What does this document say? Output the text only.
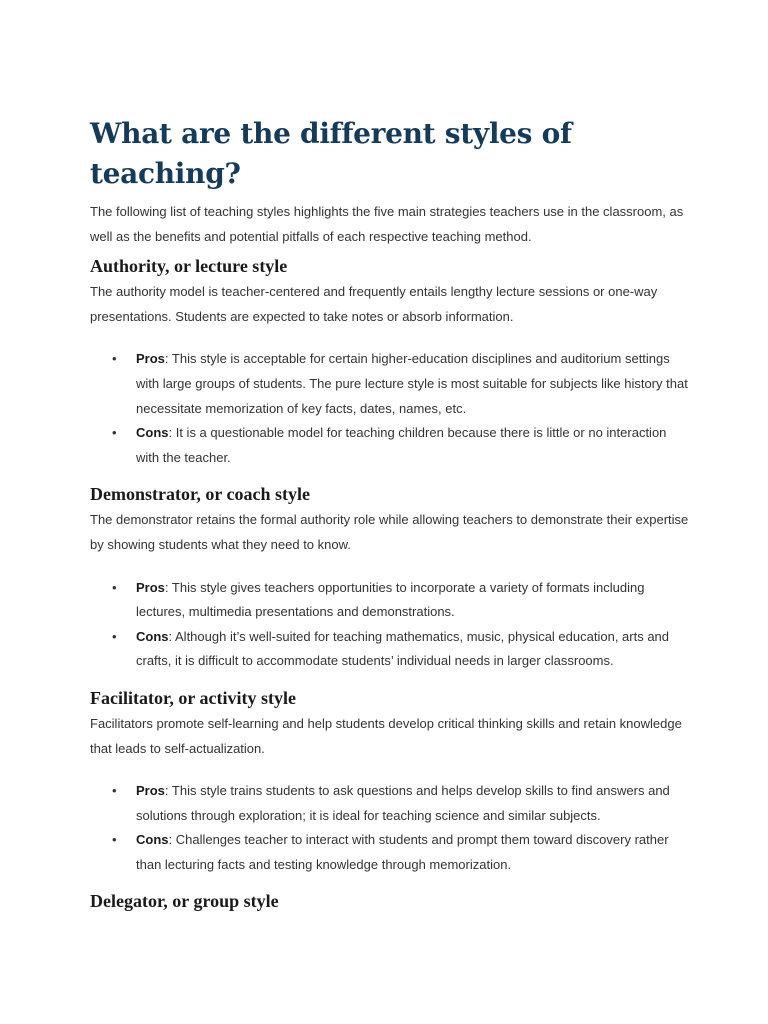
What are the different styles of teaching?

The following list of teaching styles highlights the five main strategies teachers use in the classroom, as well as the benefits and potential pitfalls of each respective teaching method.

Authority, or lecture style

The authority model is teacher-centered and frequently entails lengthy lecture sessions or one-way presentations. Students are expected to take notes or absorb information.

• Pros: This style is acceptable for certain higher-education disciplines and auditorium settings with large groups of students. The pure lecture style is most suitable for subjects like history that necessitate memorization of key facts, dates, names, etc.
• Cons: It is a questionable model for teaching children because there is little or no interaction with the teacher.
Demonstrator, or coach style

The demonstrator retains the formal authority role while allowing teachers to demonstrate their expertise by showing students what they need to know.

• Pros: This style gives teachers opportunities to incorporate a variety of formats including lectures, multimedia presentations and demonstrations.
• Cons: Although it’s well-suited for teaching mathematics, music, physical education, arts and crafts, it is difficult to accommodate students’ individual needs in larger classrooms.
Facilitator, or activity style

Facilitators promote self-learning and help students develop critical thinking skills and retain knowledge that leads to self-actualization.

• Pros: This style trains students to ask questions and helps develop skills to find answers and solutions through exploration; it is ideal for teaching science and similar subjects.
• Cons: Challenges teacher to interact with students and prompt them toward discovery rather than lecturing facts and testing knowledge through memorization.
Delegator, or group style
